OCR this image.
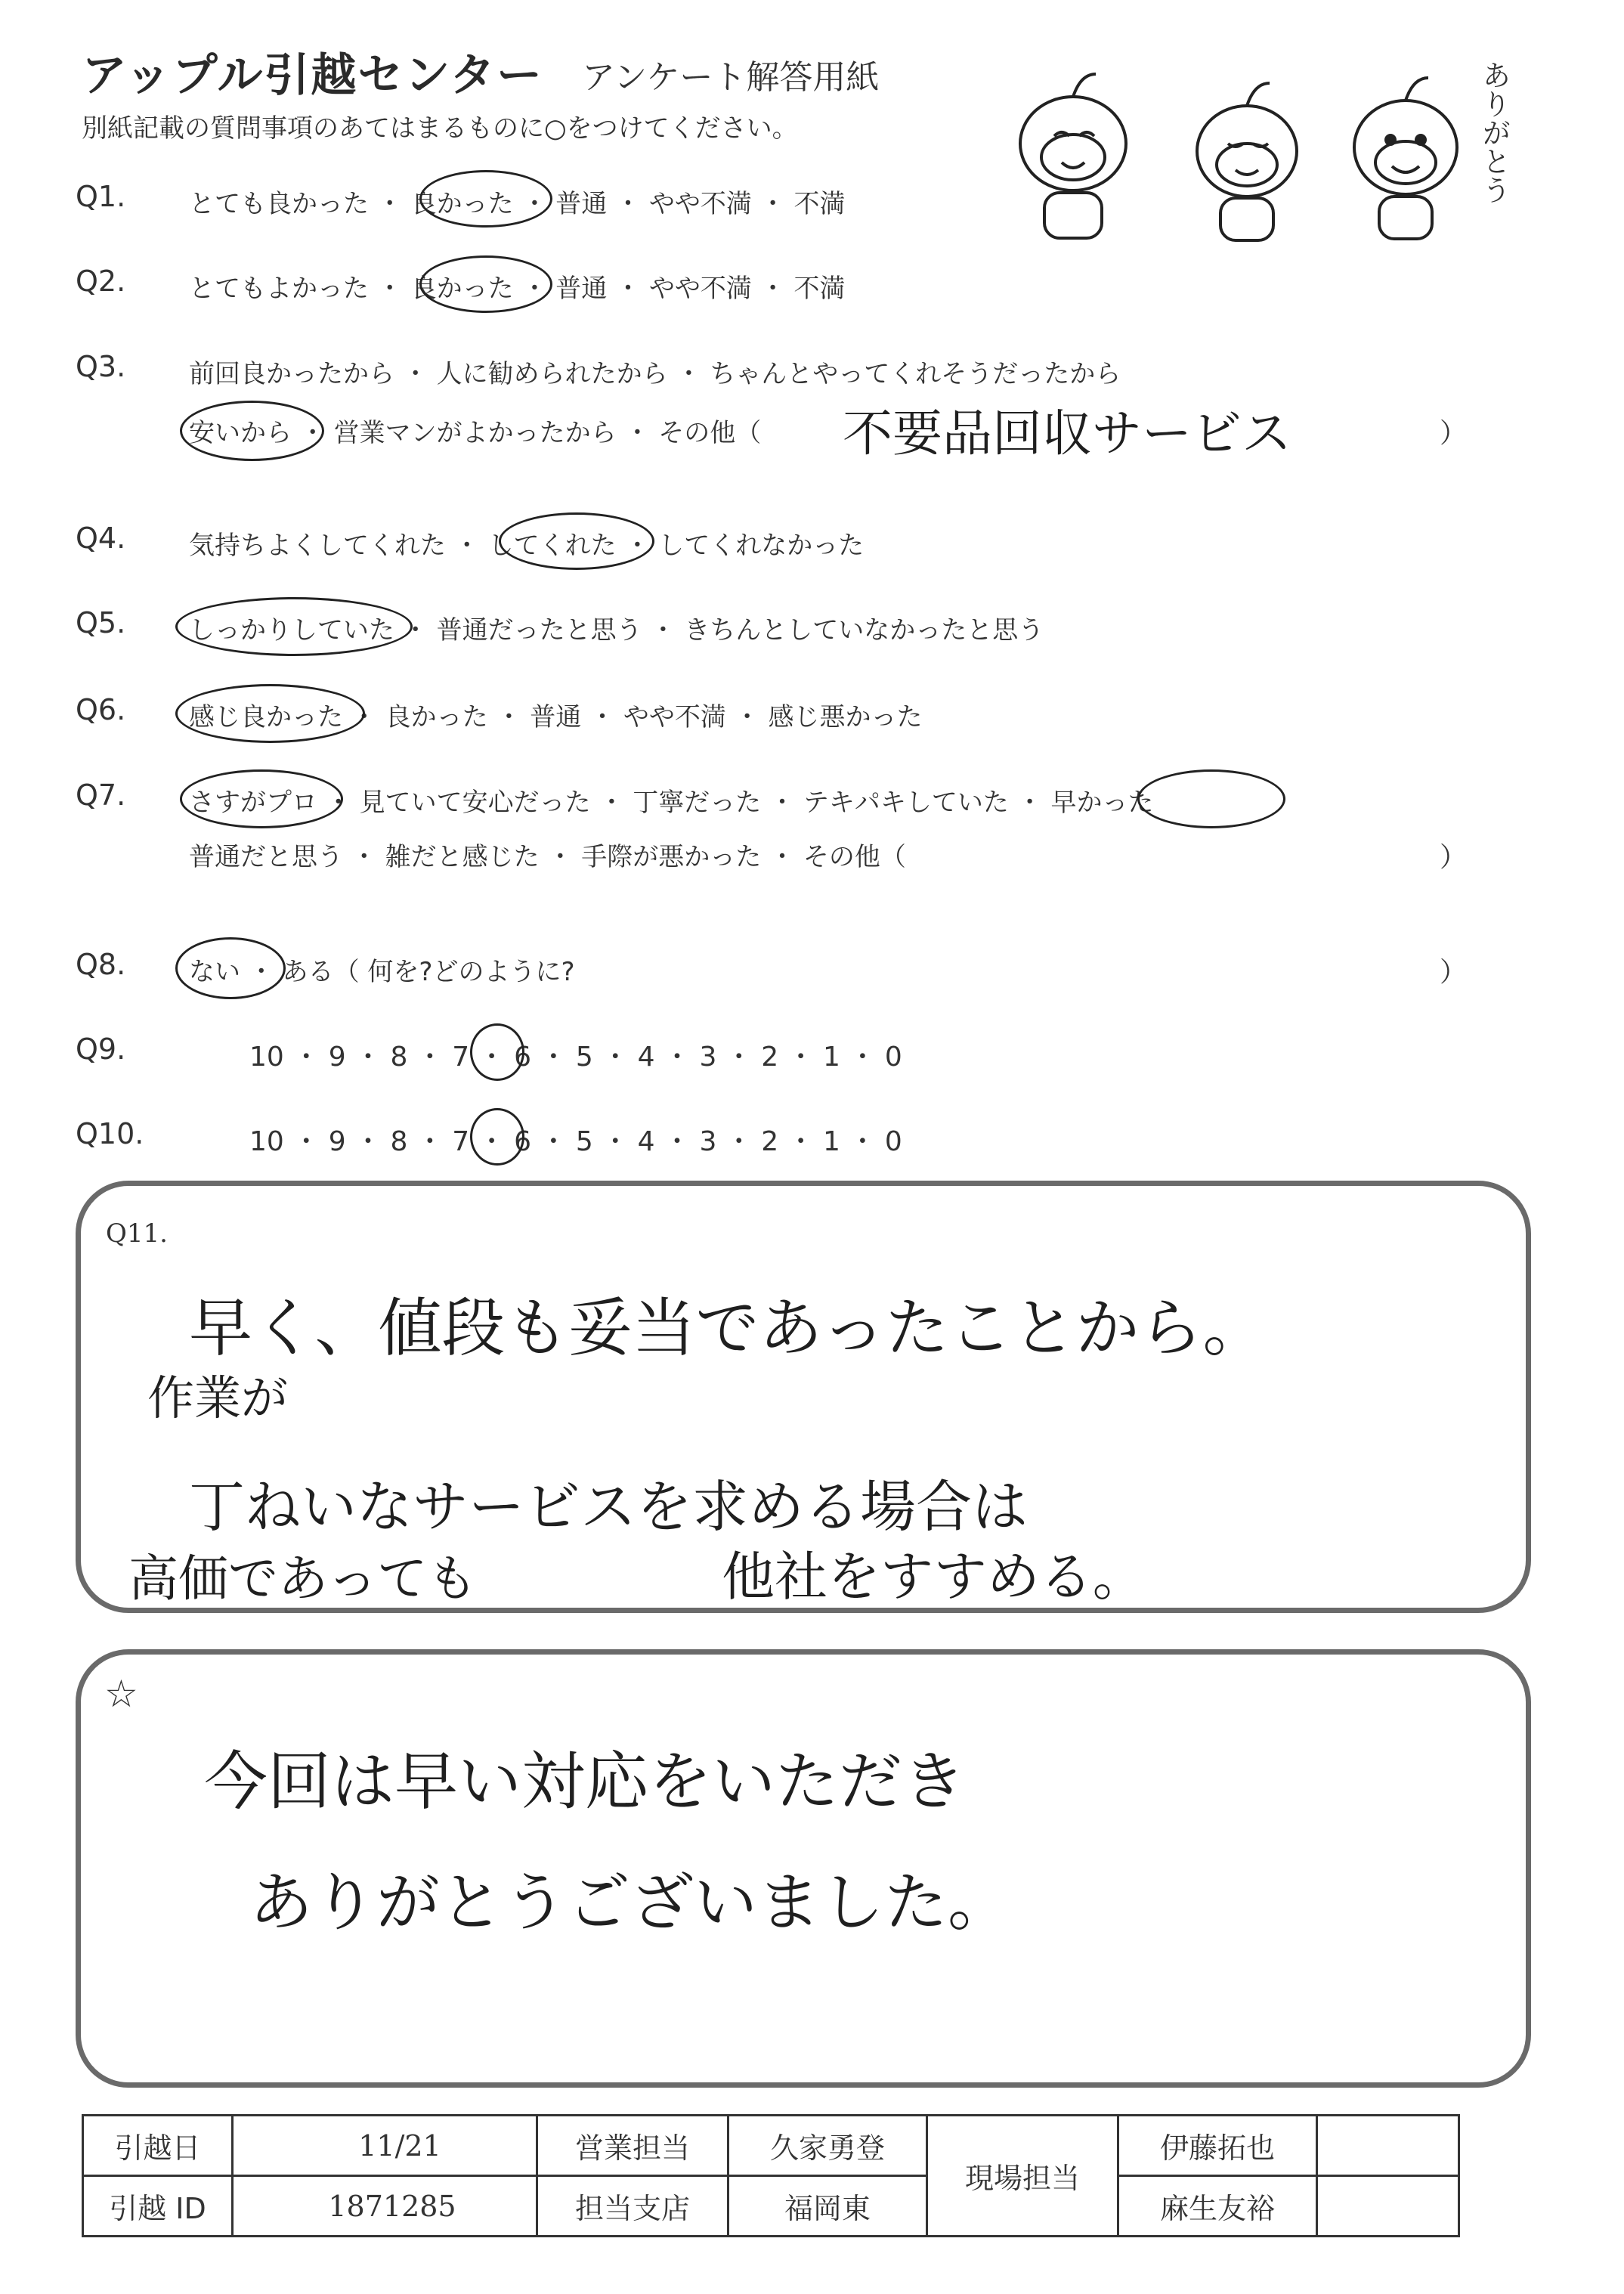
アップル引越センター アンケート解答用紙
別紙記載の質問事項のあてはまるものに○をつけてください。	ありがとう
Q1. とても良かった ・ 良かった ・ 普通 ・ やや不満 ・ 不満
Q2. とてもよかった ・ 良かった ・ 普通 ・ やや不満 ・ 不満
Q3. 前回良かったから ・ 人に勧められたから ・ ちゃんとやってくれそうだったから
安いから ・ 営業マンがよかったから ・ その他（ 不要品回収サービス	）
Q4. 気持ちよくしてくれた ・ してくれた ・ してくれなかった
Q5. しっかりしていた ・ 普通だったと思う ・ きちんとしていなかったと思う
Q6. 感じ良かった ・ 良かった ・ 普通 ・ やや不満 ・ 感じ悪かった
Q7. さすがプロ ・ 見ていて安心だった ・ 丁寧だった ・ テキパキしていた ・ 早かった
普通だと思う ・ 雑だと感じた ・ 手際が悪かった ・ その他（	）
Q8. ない ・ ある（ 何を?どのように?	）
Q9.	10 ・ 9 ・ 8 ・ 7 ・ 6 ・ 5 ・ 4 ・ 3 ・ 2 ・ 1 ・ 0
Q10.	10 ・ 9 ・ 8 ・ 7 ・ 6 ・ 5 ・ 4 ・ 3 ・ 2 ・ 1 ・ 0
Q11.
早く、値段も妥当であったことから。
作業が
丁ねいなサービスを求める場合は
高価であっても	他社をすすめる。
☆
今回は早い対応をいただき
ありがとうございました。
引越日	11/21	営業担当	久家勇登	現場担当	伊藤拓也	
引越 ID	1871285	担当支店	福岡東		麻生友裕	
